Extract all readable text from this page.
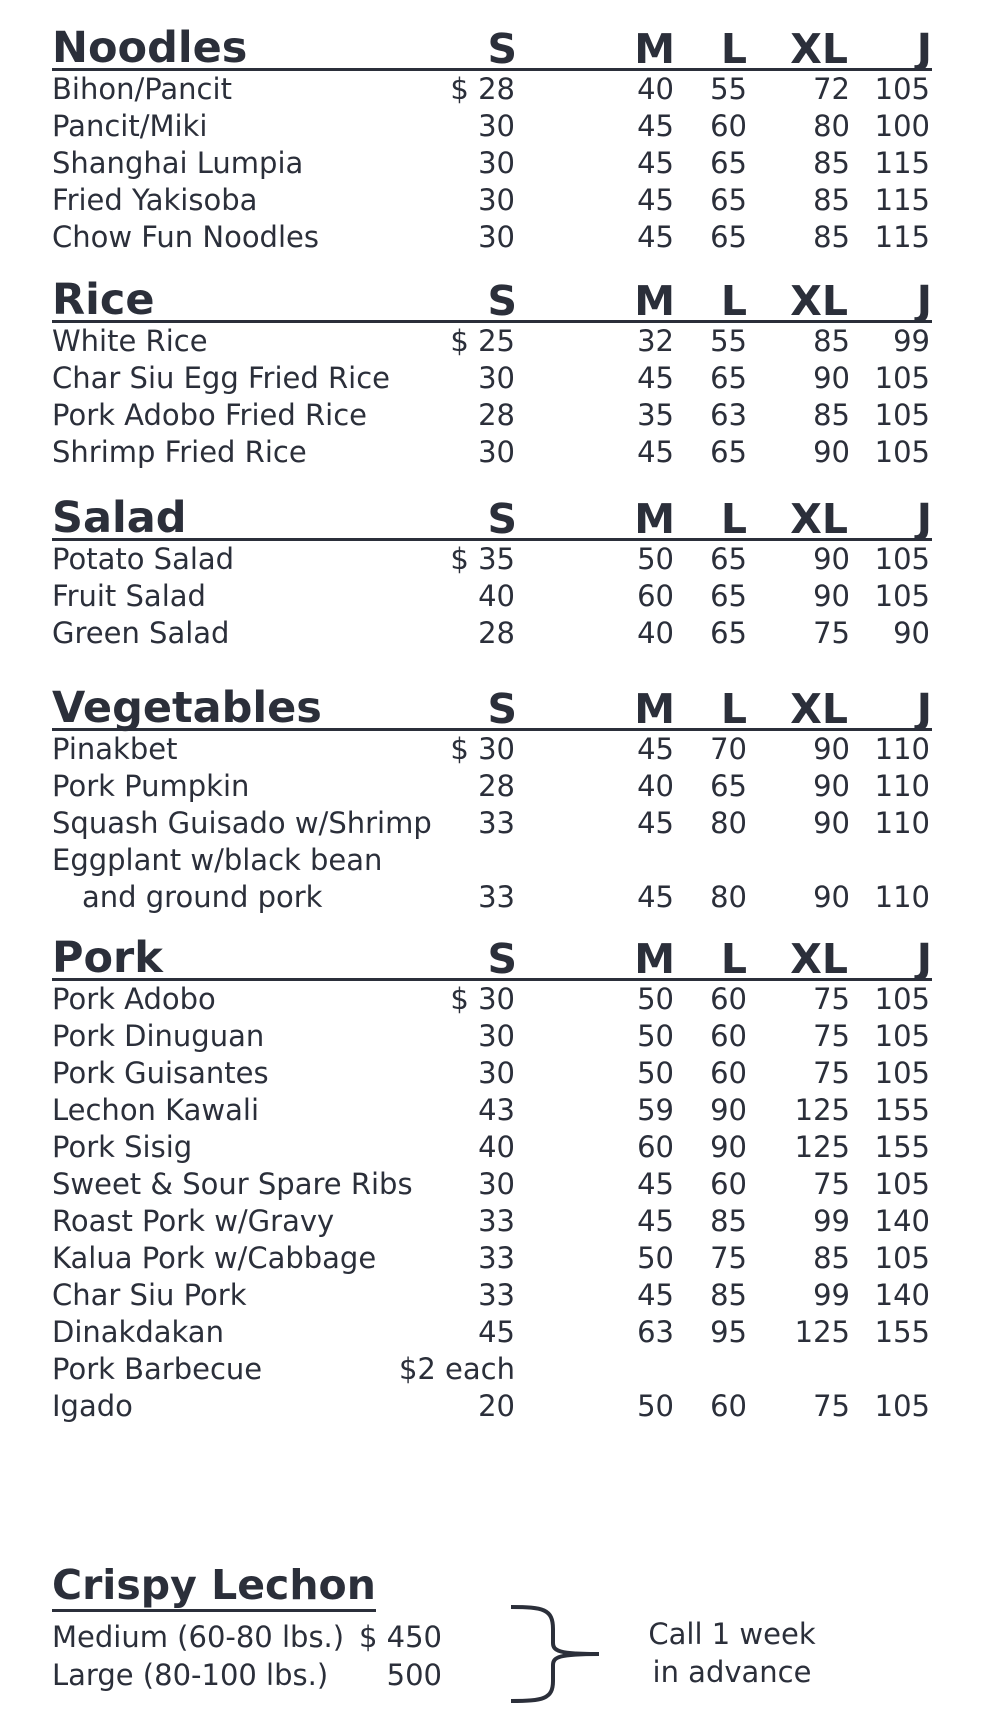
Noodles	S	M L XL J
Bihon/Pancit	$ 28	40 55 72 105
Pancit/Miki	30	45 60 80 100
Shanghai Lumpia	30	45 65 85 115
Fried Yakisoba	30	45 65 85 115
Chow Fun Noodles	30	45 65 85 115
Rice	S	M L XL J
White Rice	$ 25	32 55 85 99
Char Siu Egg Fried Rice	30	45 65 90 105
Pork Adobo Fried Rice	28	35 63 85 105
Shrimp Fried Rice	30	45 65 90 105
Salad	S	M L XL J
Potato Salad	$ 35	50 65 90 105
Fruit Salad	40	60 65 90 105
Green Salad	28	40 65 75 90
Vegetables	S	M L XL J
Pinakbet	$ 30	45 70 90 110
Pork Pumpkin	28	40 65 90 110
Squash Guisado w/Shrimp 33	45 80 90 110
Eggplant w/black bean
and ground pork	33	45 80 90 110
Pork	S	M L XL J
Pork Adobo	$ 30	50 60 75 105
Pork Dinuguan	30	50 60 75 105
Pork Guisantes	30	50 60 75 105
Lechon Kawali	43	59 90 125 155
Pork Sisig	40	60 90 125 155
Sweet & Sour Spare Ribs 30	45 60 75 105
Roast Pork w/Gravy	33	45 85 99 140
Kalua Pork w/Cabbage	33	50 75 85 105
Char Siu Pork	33	45 85 99 140
Dinakdakan	45	63 95 125 155
Pork Barbecue	$2 each
Igado	20	50 60 75 105
Crispy Lechon
Medium (60-80 lbs.) $ 450
Large (80-100 lbs.) 500
Call 1 week
in advance
